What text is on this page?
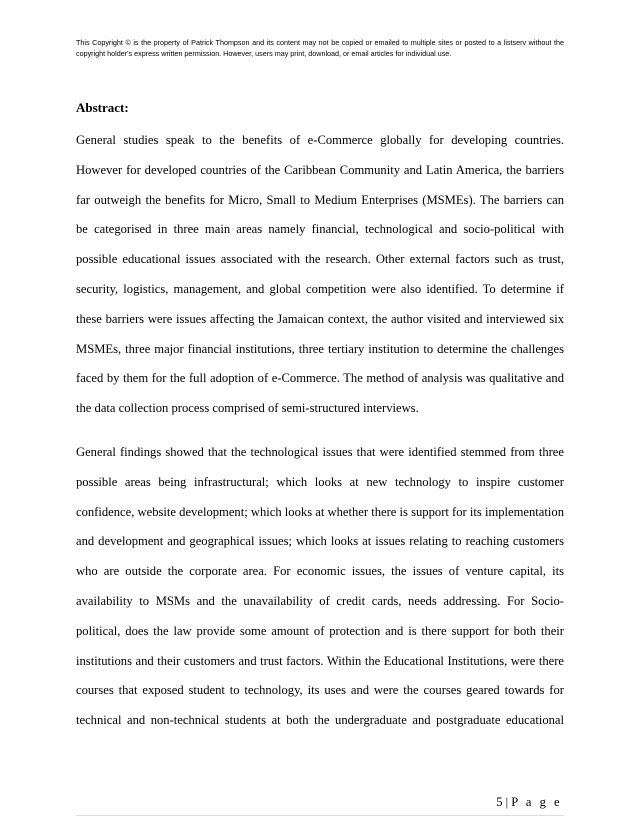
This Copyright © is the property of Patrick Thompson and its content may not be copied or emailed to multiple sites or posted to a listserv without the
copyright holder's express written permission. However, users may print, download, or email articles for individual use.
Abstract:
General studies speak to the benefits of e-Commerce globally for developing countries.
However for developed countries of the Caribbean Community and Latin America, the barriers
far outweigh the benefits for Micro, Small to Medium Enterprises (MSMEs). The barriers can
be categorised in three main areas namely financial, technological and socio-political with
possible educational issues associated with the research. Other external factors such as trust,
security, logistics, management, and global competition were also identified. To determine if
these barriers were issues affecting the Jamaican context, the author visited and interviewed six
MSMEs, three major financial institutions, three tertiary institution to determine the challenges
faced by them for the full adoption of e-Commerce. The method of analysis was qualitative and
the data collection process comprised of semi-structured interviews.
General findings showed that the technological issues that were identified stemmed from three
possible areas being infrastructural; which looks at new technology to inspire customer
confidence, website development; which looks at whether there is support for its implementation
and development and geographical issues; which looks at issues relating to reaching customers
who are outside the corporate area. For economic issues, the issues of venture capital, its
availability to MSMs and the unavailability of credit cards, needs addressing. For Socio-
political, does the law provide some amount of protection and is there support for both their
institutions and their customers and trust factors. Within the Educational Institutions, were there
courses that exposed student to technology, its uses and were the courses geared towards for
technical and non-technical students at both the undergraduate and postgraduate educational
5 | P a g e
